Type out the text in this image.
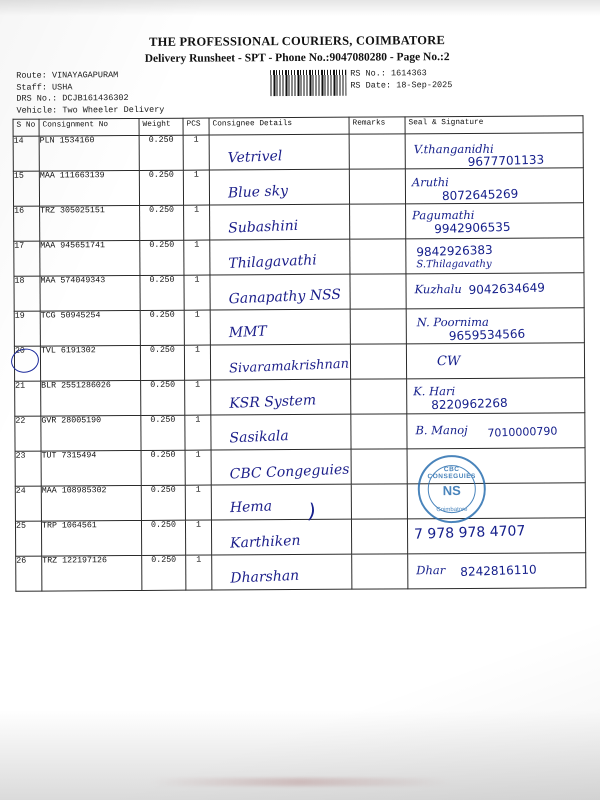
THE PROFESSIONAL COURIERS, COIMBATORE
Delivery Runsheet - SPT - Phone No.:9047080280 - Page No.:2
Route: VINAYAGAPURAM
Staff: USHA
DRS No.: DCJB161436302
Vehicle: Two Wheeler Delivery
RS No.: 1614363
RS Date: 18-Sep-2025
S No	Consignment No	Weight	PCS	Consignee Details	Remarks	Seal & Signature
14	PLN 1534160	0.250	1	Vetrivel		V.thanganidhi
9677701133

15	MAA 111663139	0.250	1	Blue sky		Aruthi
8072645269

16	TRZ 305025151	0.250	1	Subashini		Pagumathi
9942906535

17	MAA 945651741	0.250	1	Thilagavathi		9842926383
S.Thilagavathy

18	MAA 574049343	0.250	1	Ganapathy NSS		Kuzhalu 9042634649

19	TCG 50945254	0.250	1	MMT		N. Poornima
9659534566

20	TVL 6191302	0.250	1	Sivaramakrishnan		CW

21	BLR 2551286026	0.250	1	KSR System		K. Hari
8220962268

22	GVR 28005190	0.250	1	Sasikala		B. Manoj 7010000790

23	TUT 7315494	0.250	1	CBC Congeguies		CBC CONSEGUIES
NS
Coimbatore

24	MAA 108985302	0.250	1	Hema )		

25	TRP 1064561	0.250	1	Karthiken		7 978 978 4707

26	TRZ 122197126	0.250	1	Dharshan		Dhar 8242816110
